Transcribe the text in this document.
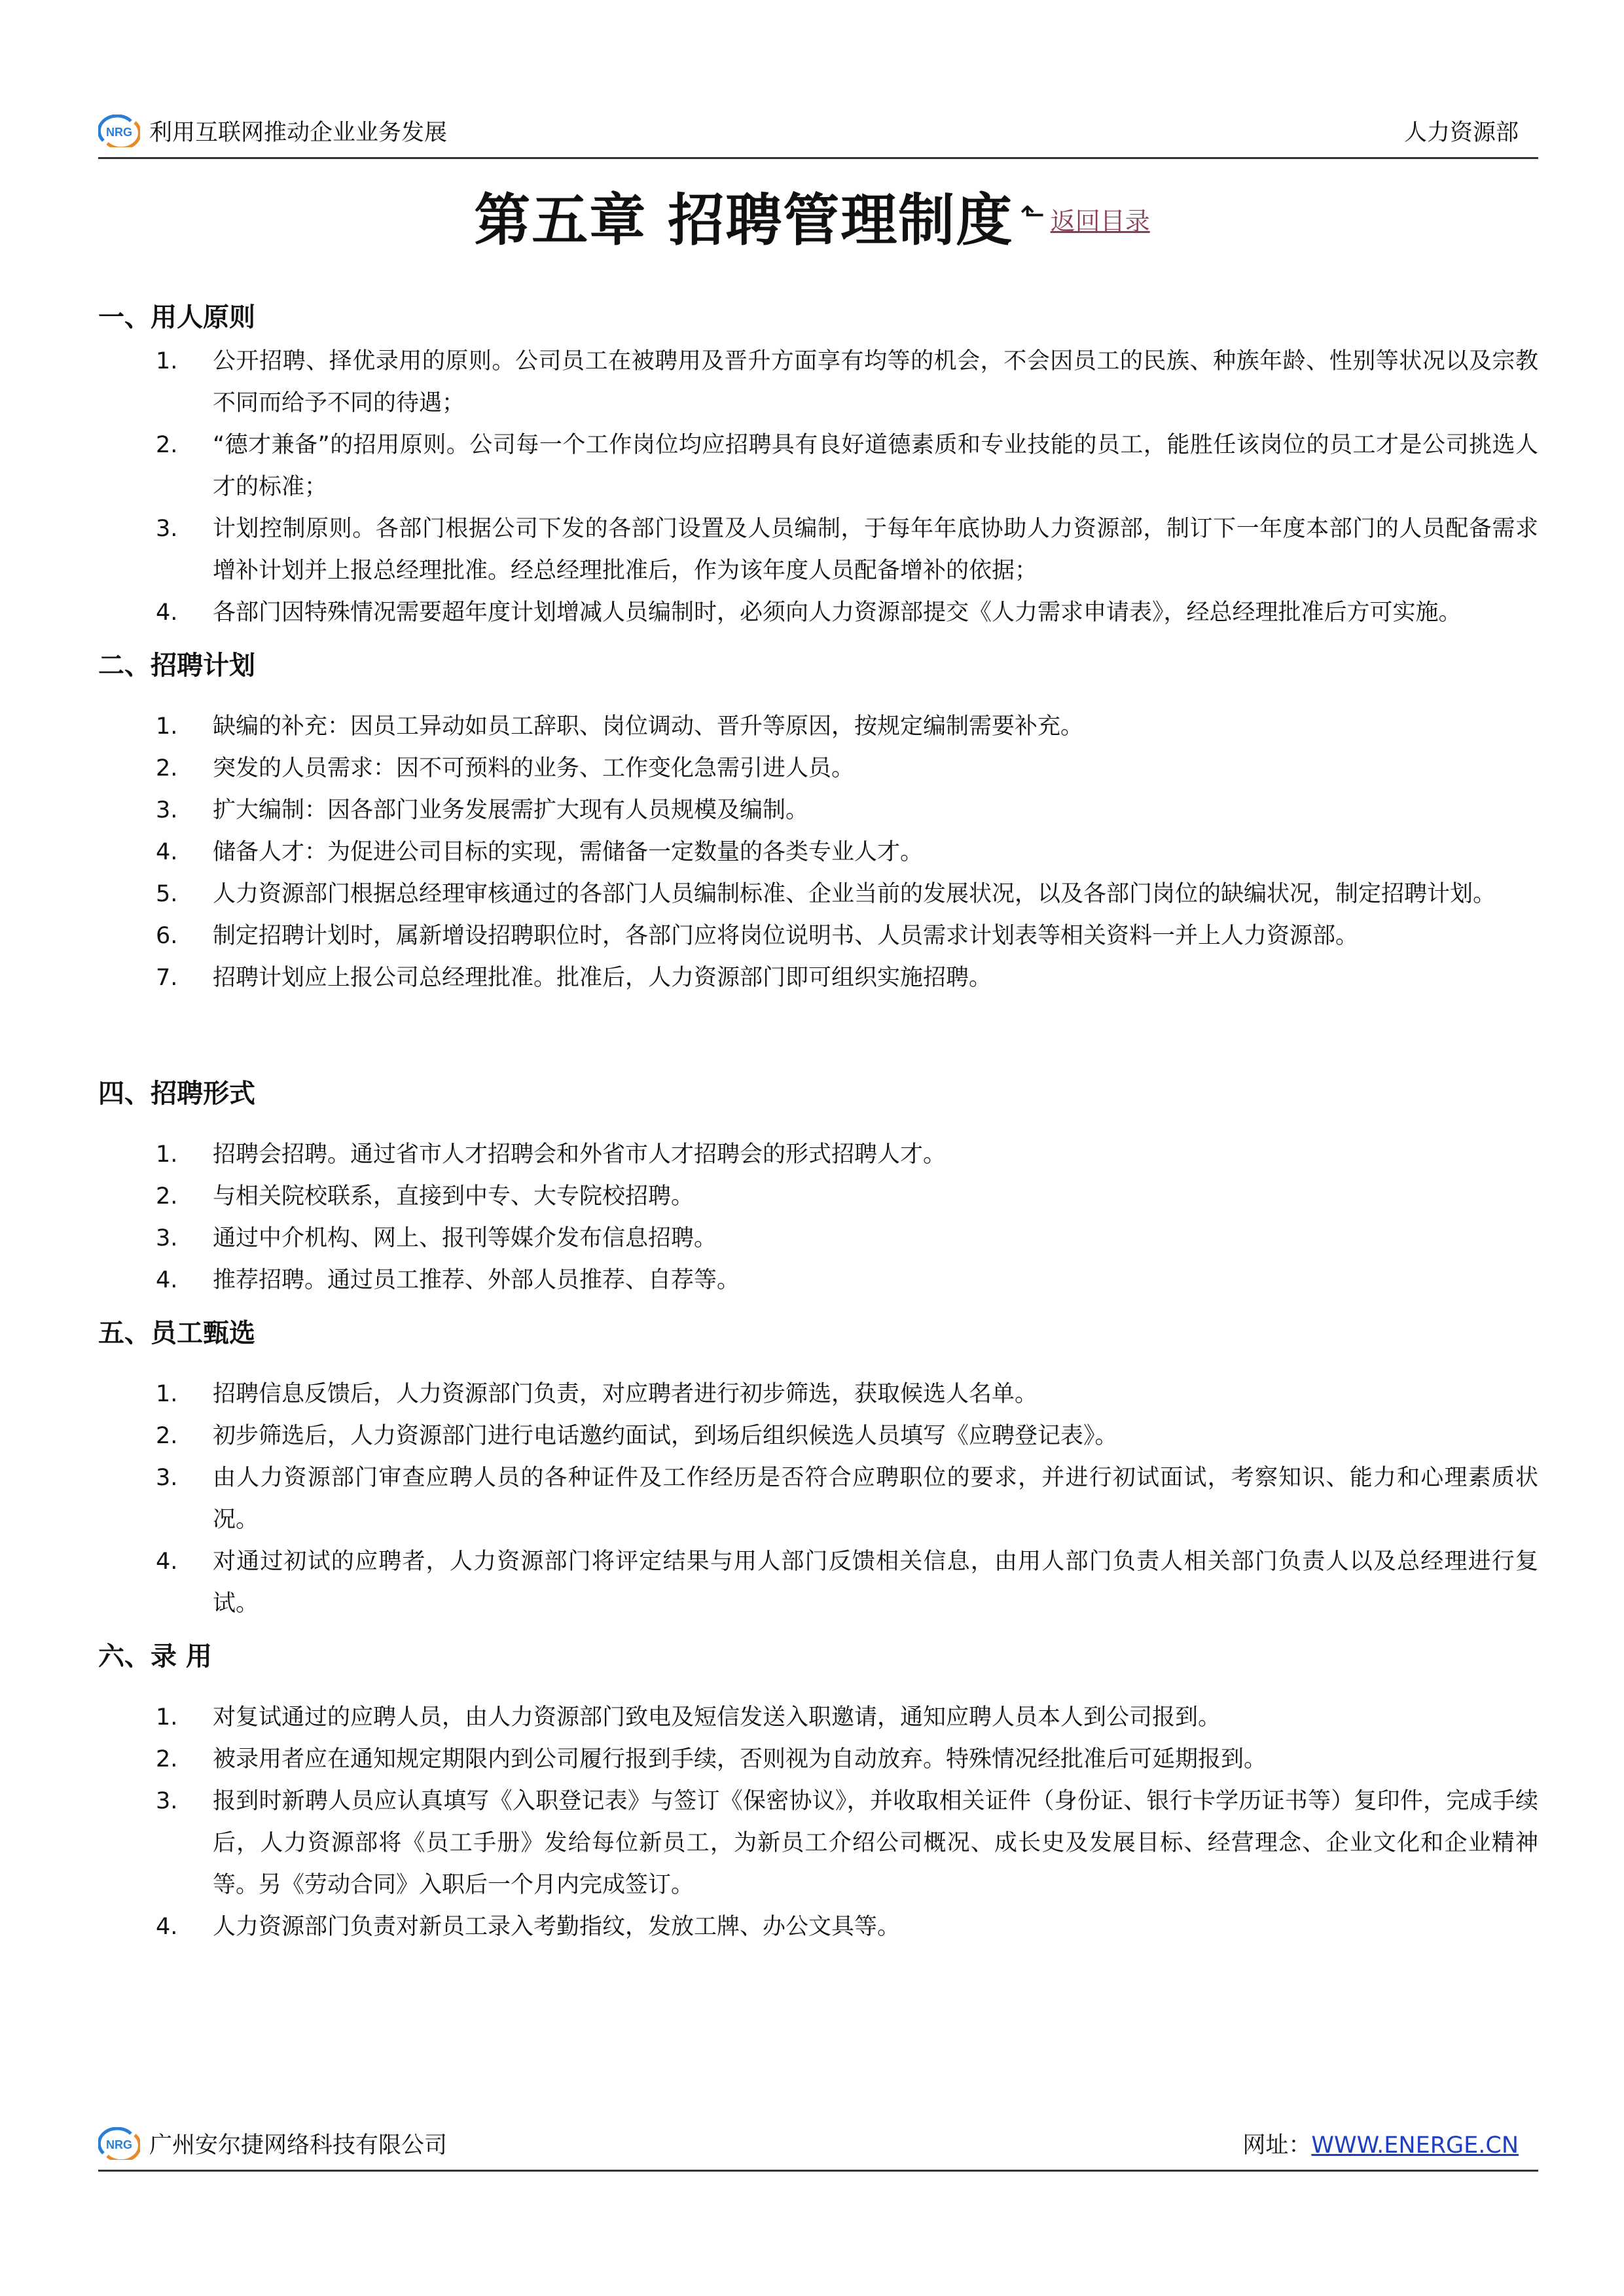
NRG 利用互联网推动企业业务发展	人力资源部
第五章 招聘管理制度 ⬑ 返回目录
一、用人原则
1. 公开招聘、择优录用的原则。公司员工在被聘用及晋升方面享有均等的机会，不会因员工的民族、种族年龄、性别等状况以及宗教不同而给予不同的待遇；
2. “德才兼备”的招用原则。公司每一个工作岗位均应招聘具有良好道德素质和专业技能的员工，能胜任该岗位的员工才是公司挑选人才的标准；
3. 计划控制原则。各部门根据公司下发的各部门设置及人员编制，于每年年底协助人力资源部，制订下一年度本部门的人员配备需求增补计划并上报总经理批准。经总经理批准后，作为该年度人员配备增补的依据；
4. 各部门因特殊情况需要超年度计划增减人员编制时，必须向人力资源部提交《人力需求申请表》，经总经理批准后方可实施。
二、招聘计划
1. 缺编的补充：因员工异动如员工辞职、岗位调动、晋升等原因，按规定编制需要补充。
2. 突发的人员需求：因不可预料的业务、工作变化急需引进人员。
3. 扩大编制：因各部门业务发展需扩大现有人员规模及编制。
4. 储备人才：为促进公司目标的实现，需储备一定数量的各类专业人才。
5. 人力资源部门根据总经理审核通过的各部门人员编制标准、企业当前的发展状况，以及各部门岗位的缺编状况，制定招聘计划。
6. 制定招聘计划时，属新增设招聘职位时，各部门应将岗位说明书、人员需求计划表等相关资料一并上人力资源部。
7. 招聘计划应上报公司总经理批准。批准后，人力资源部门即可组织实施招聘。
四、招聘形式
1. 招聘会招聘。通过省市人才招聘会和外省市人才招聘会的形式招聘人才。
2. 与相关院校联系，直接到中专、大专院校招聘。
3. 通过中介机构、网上、报刊等媒介发布信息招聘。
4. 推荐招聘。通过员工推荐、外部人员推荐、自荐等。
五、员工甄选
1. 招聘信息反馈后，人力资源部门负责，对应聘者进行初步筛选，获取候选人名单。
2. 初步筛选后，人力资源部门进行电话邀约面试，到场后组织候选人员填写《应聘登记表》。
3. 由人力资源部门审查应聘人员的各种证件及工作经历是否符合应聘职位的要求，并进行初试面试，考察知识、能力和心理素质状况。
4. 对通过初试的应聘者，人力资源部门将评定结果与用人部门反馈相关信息，由用人部门负责人相关部门负责人以及总经理进行复试。
六、录 用
1. 对复试通过的应聘人员，由人力资源部门致电及短信发送入职邀请，通知应聘人员本人到公司报到。
2. 被录用者应在通知规定期限内到公司履行报到手续，否则视为自动放弃。特殊情况经批准后可延期报到。
3. 报到时新聘人员应认真填写《入职登记表》与签订《保密协议》，并收取相关证件（身份证、银行卡学历证书等）复印件，完成手续后，人力资源部将《员工手册》发给每位新员工，为新员工介绍公司概况、成长史及发展目标、经营理念、企业文化和企业精神等。另《劳动合同》入职后一个月内完成签订。
4. 人力资源部门负责对新员工录入考勤指纹，发放工牌、办公文具等。
NRG 广州安尔捷网络科技有限公司	网址：WWW.ENERGE.CN
